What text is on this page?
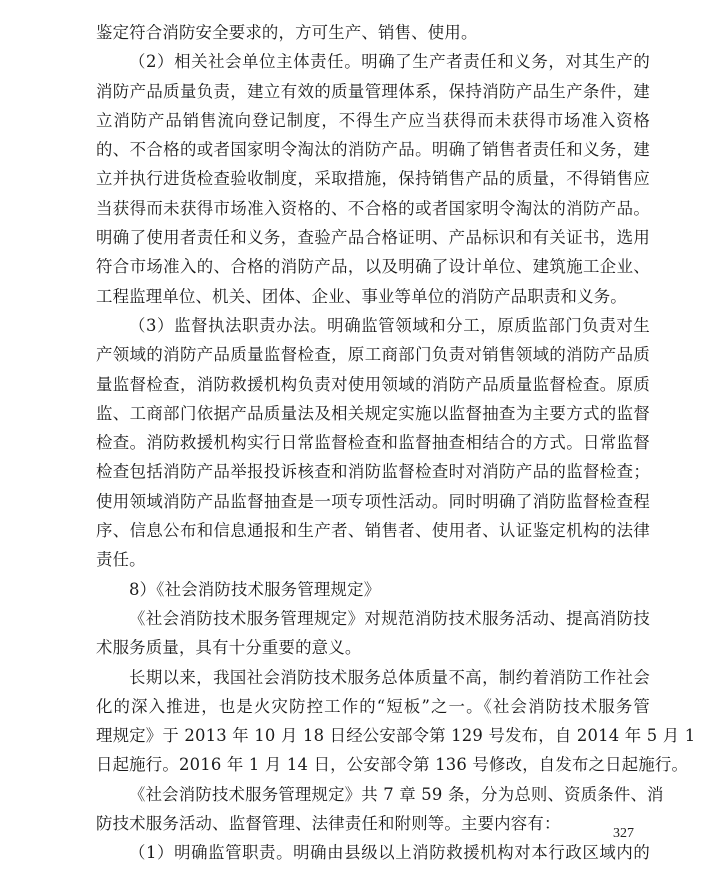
鉴定符合消防安全要求的，方可生产、销售、使用。
（2）相关社会单位主体责任。明确了生产者责任和义务，对其生产的
消防产品质量负责，建立有效的质量管理体系，保持消防产品生产条件，建
立消防产品销售流向登记制度，不得生产应当获得而未获得市场准入资格
的、不合格的或者国家明令淘汰的消防产品。明确了销售者责任和义务，建
立并执行进货检查验收制度，采取措施，保持销售产品的质量，不得销售应
当获得而未获得市场准入资格的、不合格的或者国家明令淘汰的消防产品。
明确了使用者责任和义务，查验产品合格证明、产品标识和有关证书，选用
符合市场准入的、合格的消防产品，以及明确了设计单位、建筑施工企业、
工程监理单位、机关、团体、企业、事业等单位的消防产品职责和义务。
（3）监督执法职责办法。明确监管领域和分工，原质监部门负责对生
产领域的消防产品质量监督检查，原工商部门负责对销售领域的消防产品质
量监督检查，消防救援机构负责对使用领域的消防产品质量监督检查。原质
监、工商部门依据产品质量法及相关规定实施以监督抽查为主要方式的监督
检查。消防救援机构实行日常监督检查和监督抽查相结合的方式。日常监督
检查包括消防产品举报投诉核查和消防监督检查时对消防产品的监督检查；
使用领域消防产品监督抽查是一项专项性活动。同时明确了消防监督检查程
序、信息公布和信息通报和生产者、销售者、使用者、认证鉴定机构的法律
责任。
8）《社会消防技术服务管理规定》
《社会消防技术服务管理规定》对规范消防技术服务活动、提高消防技
术服务质量，具有十分重要的意义。
长期以来，我国社会消防技术服务总体质量不高，制约着消防工作社会
化的深入推进，也是火灾防控工作的“短板”之一。《社会消防技术服务管
理规定》于 2013 年 10 月 18 日经公安部令第 129 号发布，自 2014 年 5 月 1
日起施行。2016 年 1 月 14 日，公安部令第 136 号修改，自发布之日起施行。
《社会消防技术服务管理规定》共 7 章 59 条，分为总则、资质条件、消
防技术服务活动、监督管理、法律责任和附则等。主要内容有：
（1）明确监管职责。明确由县级以上消防救援机构对本行政区域内的
327
